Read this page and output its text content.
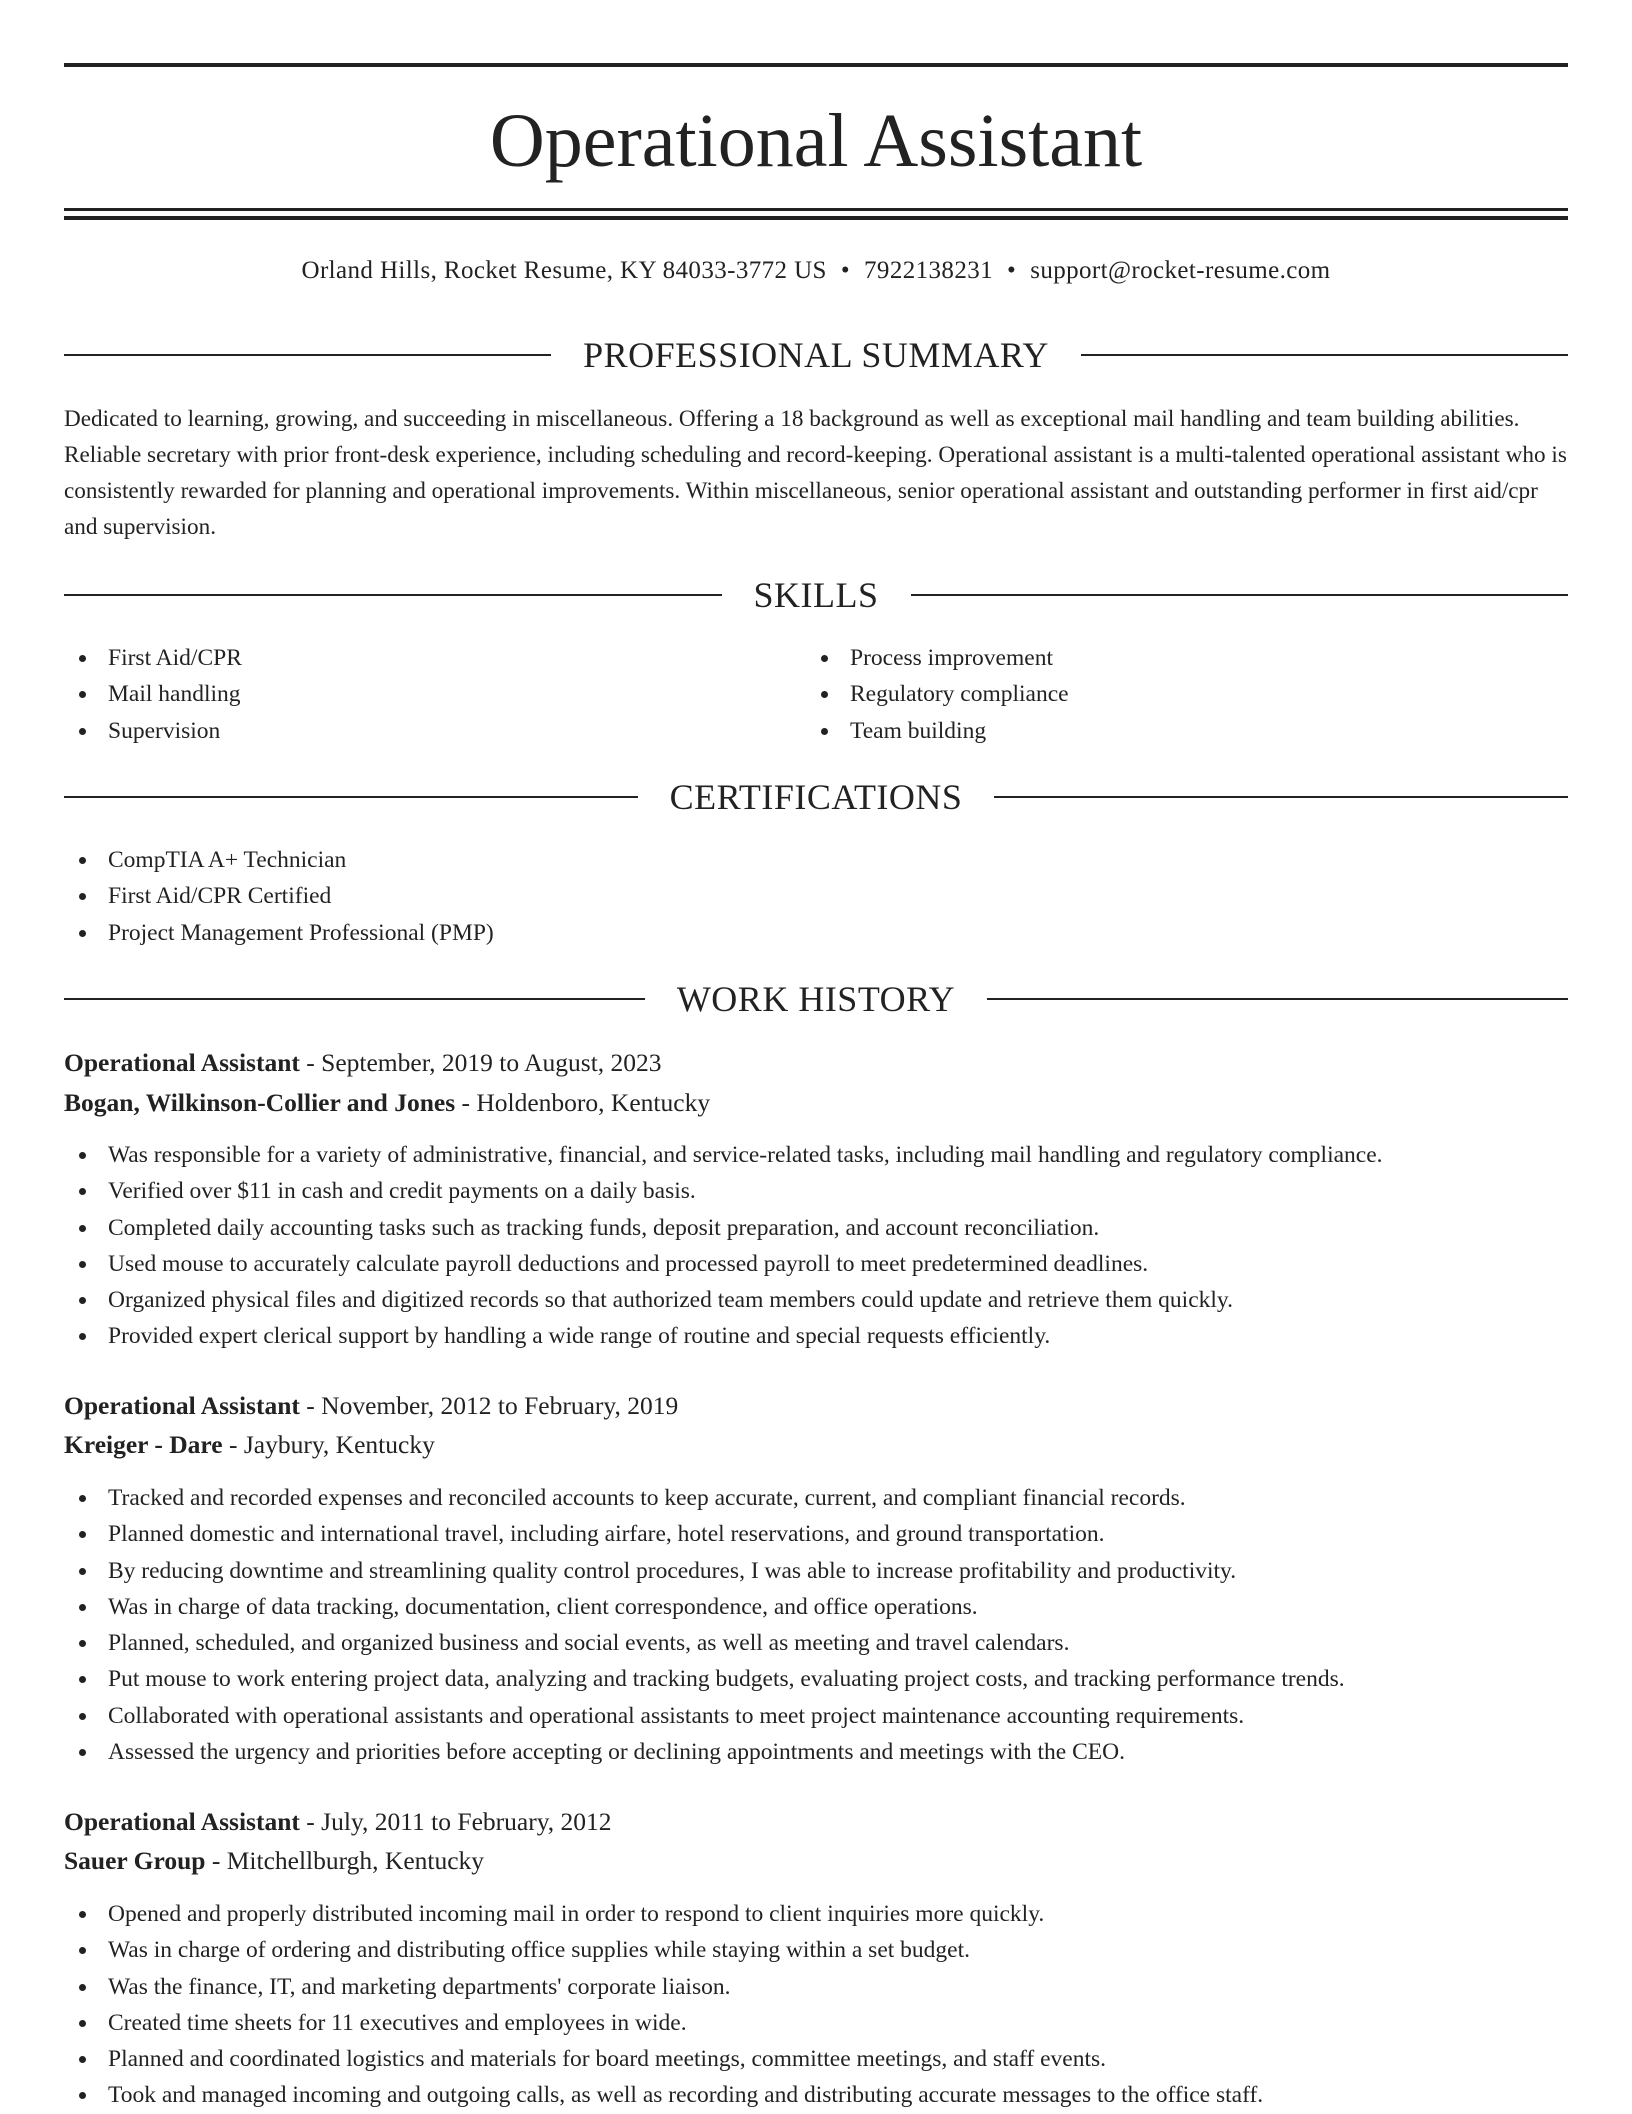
Operational Assistant
Orland Hills, Rocket Resume, KY 84033-3772 US • 7922138231 • support@rocket-resume.com
PROFESSIONAL SUMMARY
Dedicated to learning, growing, and succeeding in miscellaneous. Offering a 18 background as well as exceptional mail handling and team building abilities. Reliable secretary with prior front-desk experience, including scheduling and record-keeping. Operational assistant is a multi-talented operational assistant who is consistently rewarded for planning and operational improvements. Within miscellaneous, senior operational assistant and outstanding performer in first aid/cpr and supervision.
SKILLS
First Aid/CPR
Mail handling
Supervision
Process improvement
Regulatory compliance
Team building
CERTIFICATIONS
CompTIA A+ Technician
First Aid/CPR Certified
Project Management Professional (PMP)
WORK HISTORY
Operational Assistant - September, 2019 to August, 2023
Bogan, Wilkinson-Collier and Jones - Holdenboro, Kentucky
Was responsible for a variety of administrative, financial, and service-related tasks, including mail handling and regulatory compliance.
Verified over $11 in cash and credit payments on a daily basis.
Completed daily accounting tasks such as tracking funds, deposit preparation, and account reconciliation.
Used mouse to accurately calculate payroll deductions and processed payroll to meet predetermined deadlines.
Organized physical files and digitized records so that authorized team members could update and retrieve them quickly.
Provided expert clerical support by handling a wide range of routine and special requests efficiently.
Operational Assistant - November, 2012 to February, 2019
Kreiger - Dare - Jaybury, Kentucky
Tracked and recorded expenses and reconciled accounts to keep accurate, current, and compliant financial records.
Planned domestic and international travel, including airfare, hotel reservations, and ground transportation.
By reducing downtime and streamlining quality control procedures, I was able to increase profitability and productivity.
Was in charge of data tracking, documentation, client correspondence, and office operations.
Planned, scheduled, and organized business and social events, as well as meeting and travel calendars.
Put mouse to work entering project data, analyzing and tracking budgets, evaluating project costs, and tracking performance trends.
Collaborated with operational assistants and operational assistants to meet project maintenance accounting requirements.
Assessed the urgency and priorities before accepting or declining appointments and meetings with the CEO.
Operational Assistant - July, 2011 to February, 2012
Sauer Group - Mitchellburgh, Kentucky
Opened and properly distributed incoming mail in order to respond to client inquiries more quickly.
Was in charge of ordering and distributing office supplies while staying within a set budget.
Was the finance, IT, and marketing departments' corporate liaison.
Created time sheets for 11 executives and employees in wide.
Planned and coordinated logistics and materials for board meetings, committee meetings, and staff events.
Took and managed incoming and outgoing calls, as well as recording and distributing accurate messages to the office staff.
